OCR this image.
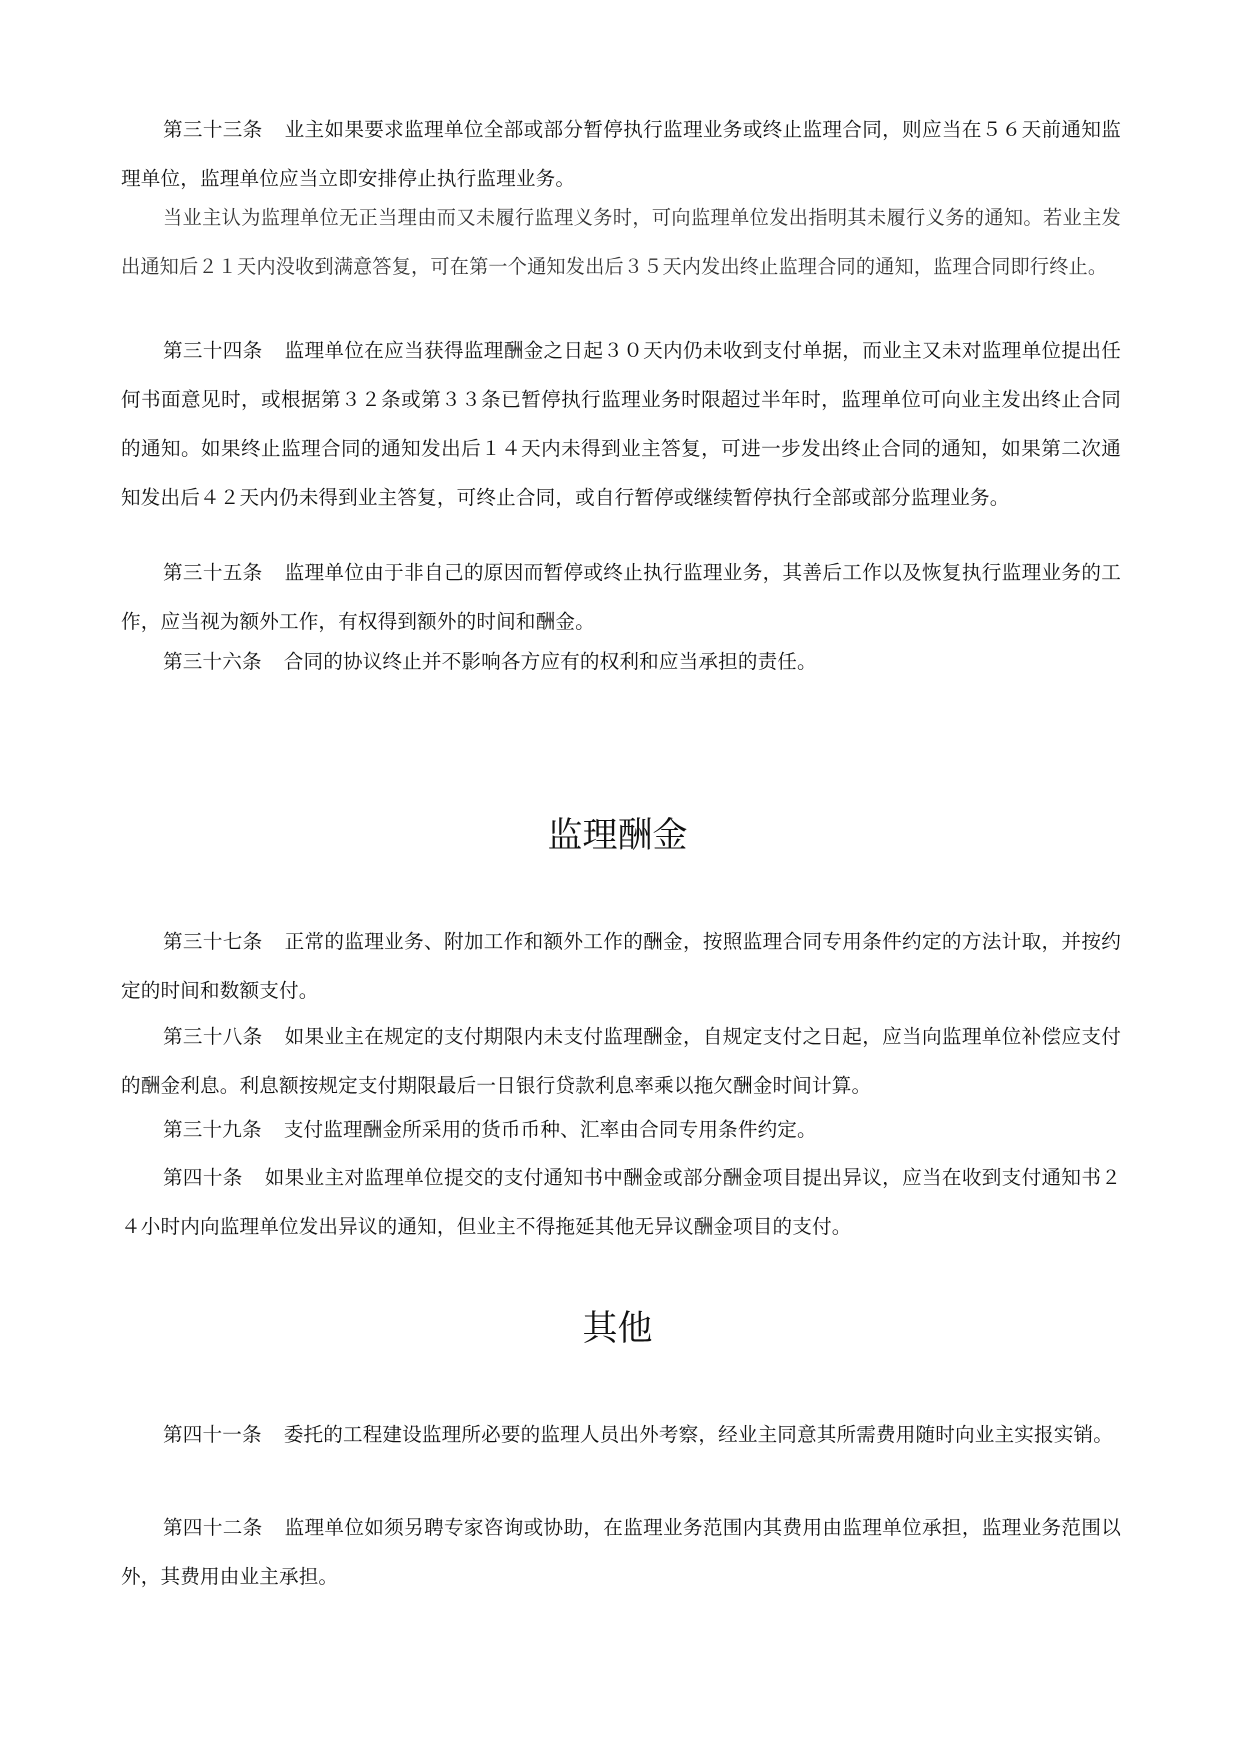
第三十三条 业主如果要求监理单位全部或部分暂停执行监理业务或终止监理合同，则应当在５６天前通知监理单位，监理单位应当立即安排停止执行监理业务。

当业主认为监理单位无正当理由而又未履行监理义务时，可向监理单位发出指明其未履行义务的通知。若业主发出通知后２１天内没收到满意答复，可在第一个通知发出后３５天内发出终止监理合同的通知，监理合同即行终止。

第三十四条 监理单位在应当获得监理酬金之日起３０天内仍未收到支付单据，而业主又未对监理单位提出任何书面意见时，或根据第３２条或第３３条已暂停执行监理业务时限超过半年时，监理单位可向业主发出终止合同的通知。如果终止监理合同的通知发出后１４天内未得到业主答复，可进一步发出终止合同的通知，如果第二次通知发出后４２天内仍未得到业主答复，可终止合同，或自行暂停或继续暂停执行全部或部分监理业务。

第三十五条 监理单位由于非自己的原因而暂停或终止执行监理业务，其善后工作以及恢复执行监理业务的工作，应当视为额外工作，有权得到额外的时间和酬金。

第三十六条 合同的协议终止并不影响各方应有的权利和应当承担的责任。

监理酬金

第三十七条 正常的监理业务、附加工作和额外工作的酬金，按照监理合同专用条件约定的方法计取，并按约定的时间和数额支付。

第三十八条 如果业主在规定的支付期限内未支付监理酬金，自规定支付之日起，应当向监理单位补偿应支付的酬金利息。利息额按规定支付期限最后一日银行贷款利息率乘以拖欠酬金时间计算。

第三十九条 支付监理酬金所采用的货币币种、汇率由合同专用条件约定。

第四十条 如果业主对监理单位提交的支付通知书中酬金或部分酬金项目提出异议，应当在收到支付通知书２４小时内向监理单位发出异议的通知，但业主不得拖延其他无异议酬金项目的支付。

其他

第四十一条 委托的工程建设监理所必要的监理人员出外考察，经业主同意其所需费用随时向业主实报实销。

第四十二条 监理单位如须另聘专家咨询或协助，在监理业务范围内其费用由监理单位承担，监理业务范围以外，其费用由业主承担。
